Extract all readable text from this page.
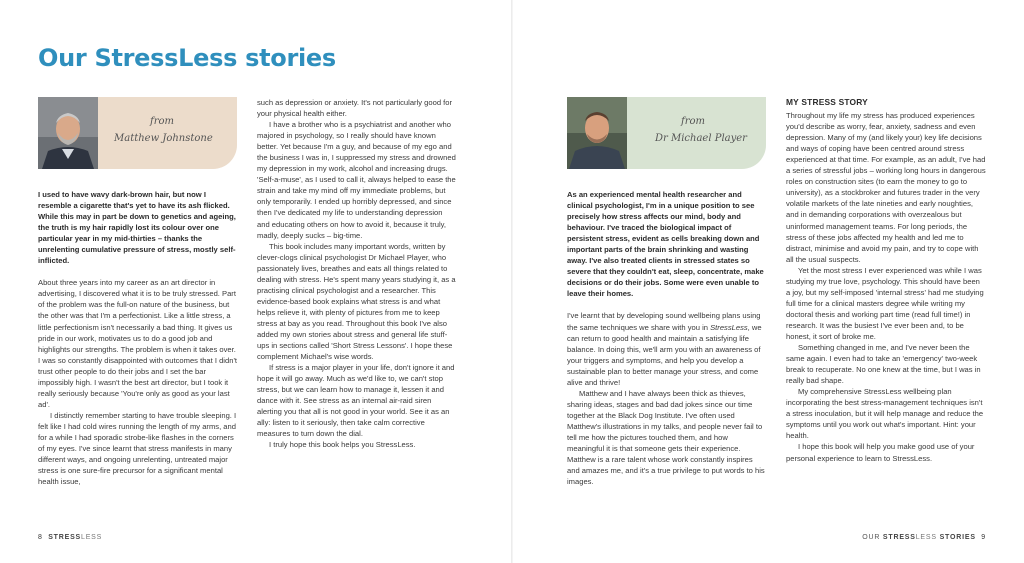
Our StressLess stories
from
Matthew Johnstone

I used to have wavy dark-brown hair, but now I resemble a cigarette that's yet to have its ash flicked. While this may in part be down to genetics and ageing, the truth is my hair rapidly lost its colour over one particular year in my mid-thirties – thanks the unrelenting cumulative pressure of stress, mostly self-inflicted.

About three years into my career as an art director in advertising, I discovered what it is to be truly stressed. Part of the problem was the full-on nature of the business, but the other was that I'm a perfectionist. Like a little stress, a little perfectionism isn't necessarily a bad thing. It gives us pride in our work, motivates us to do a good job and highlights our strengths. The problem is when it takes over. I was so constantly disappointed with outcomes that I didn't trust other people to do their jobs and I set the bar impossibly high. I wasn't the best art director, but I took it really seriously because 'You're only as good as your last ad'.

I distinctly remember starting to have trouble sleeping. I felt like I had cold wires running the length of my arms, and for a while I had sporadic strobe-like flashes in the corners of my eyes. I've since learnt that stress manifests in many different ways, and ongoing unrelenting, untreated major stress is one sure-fire precursor for a significant mental health issue,

such as depression or anxiety. It's not particularly good for your physical health either.

I have a brother who is a psychiatrist and another who majored in psychology, so I really should have known better. Yet because I'm a guy, and because of my ego and the business I was in, I suppressed my stress and drowned my depression in my work, alcohol and increasing drugs. 'Self-a-muse', as I used to call it, always helped to ease the strain and take my mind off my immediate problems, but only temporarily. I ended up horribly depressed, and since then I've dedicated my life to understanding depression and educating others on how to avoid it, because it truly, madly, deeply sucks – big-time.

This book includes many important words, written by clever-clogs clinical psychologist Dr Michael Player, who passionately lives, breathes and eats all things related to dealing with stress. He's spent many years studying it, as a practising clinical psychologist and a researcher. This evidence-based book explains what stress is and what helps relieve it, with plenty of pictures from me to keep stress at bay as you read. Throughout this book I've also added my own stories about stress and general life stuff-ups in sections called 'Short Stress Lessons'. I hope these complement Michael's wise words.

If stress is a major player in your life, don't ignore it and hope it will go away. Much as we'd like to, we can't stop stress, but we can learn how to manage it, lessen it and dance with it. See stress as an internal air-raid siren alerting you that all is not good in your world. See it as an ally: listen to it seriously, then take calm corrective measures to turn down the dial.

I truly hope this book helps you StressLess.

from
Dr Michael Player

As an experienced mental health researcher and clinical psychologist, I'm in a unique position to see precisely how stress affects our mind, body and behaviour. I've traced the biological impact of persistent stress, evident as cells breaking down and important parts of the brain shrinking and wasting away. I've also treated clients in stressed states so severe that they couldn't eat, sleep, concentrate, make decisions or do their jobs. Some were even unable to leave their homes.

I've learnt that by developing sound wellbeing plans using the same techniques we share with you in StressLess, we can return to good health and maintain a satisfying life balance. In doing this, we'll arm you with an awareness of your triggers and symptoms, and help you develop a sustainable plan to better manage your stress, and come alive and thrive!

Matthew and I have always been thick as thieves, sharing ideas, stages and bad dad jokes since our time together at the Black Dog Institute. I've often used Matthew's illustrations in my talks, and people never fail to tell me how the pictures touched them, and how meaningful it is that someone gets their experience. Matthew is a rare talent whose work constantly inspires and amazes me, and it's a true privilege to put words to his images.

MY STRESS STORY

Throughout my life my stress has produced experiences you'd describe as worry, fear, anxiety, sadness and even depression. Many of my (and likely your) key life decisions and ways of coping have been centred around stress experienced at that time. For example, as an adult, I've had a series of stressful jobs – working long hours in dangerous roles on construction sites (to earn the money to go to university), as a stockbroker and futures trader in the very volatile markets of the late nineties and early noughties, and in demanding corporations with overzealous but uninformed management teams. For long periods, the stress of these jobs affected my health and led me to distract, minimise and avoid my pain, and try to cope with all the usual suspects.

Yet the most stress I ever experienced was while I was studying my true love, psychology. This should have been a joy, but my self-imposed 'internal stress' had me studying full time for a clinical masters degree while writing my doctoral thesis and working part time (read full time!) in research. It was the busiest I've ever been and, to be honest, it sort of broke me.

Something changed in me, and I've never been the same again. I even had to take an 'emergency' two-week break to recuperate. No one knew at the time, but I was in really bad shape.

My comprehensive StressLess wellbeing plan incorporating the best stress-management techniques isn't a stress inoculation, but it will help manage and reduce the symptoms until you work out what's important. Hint: your health.

I hope this book will help you make good use of your personal experience to learn to StressLess.

8 STRESSLESS	OUR STRESSLESS STORIES 9
